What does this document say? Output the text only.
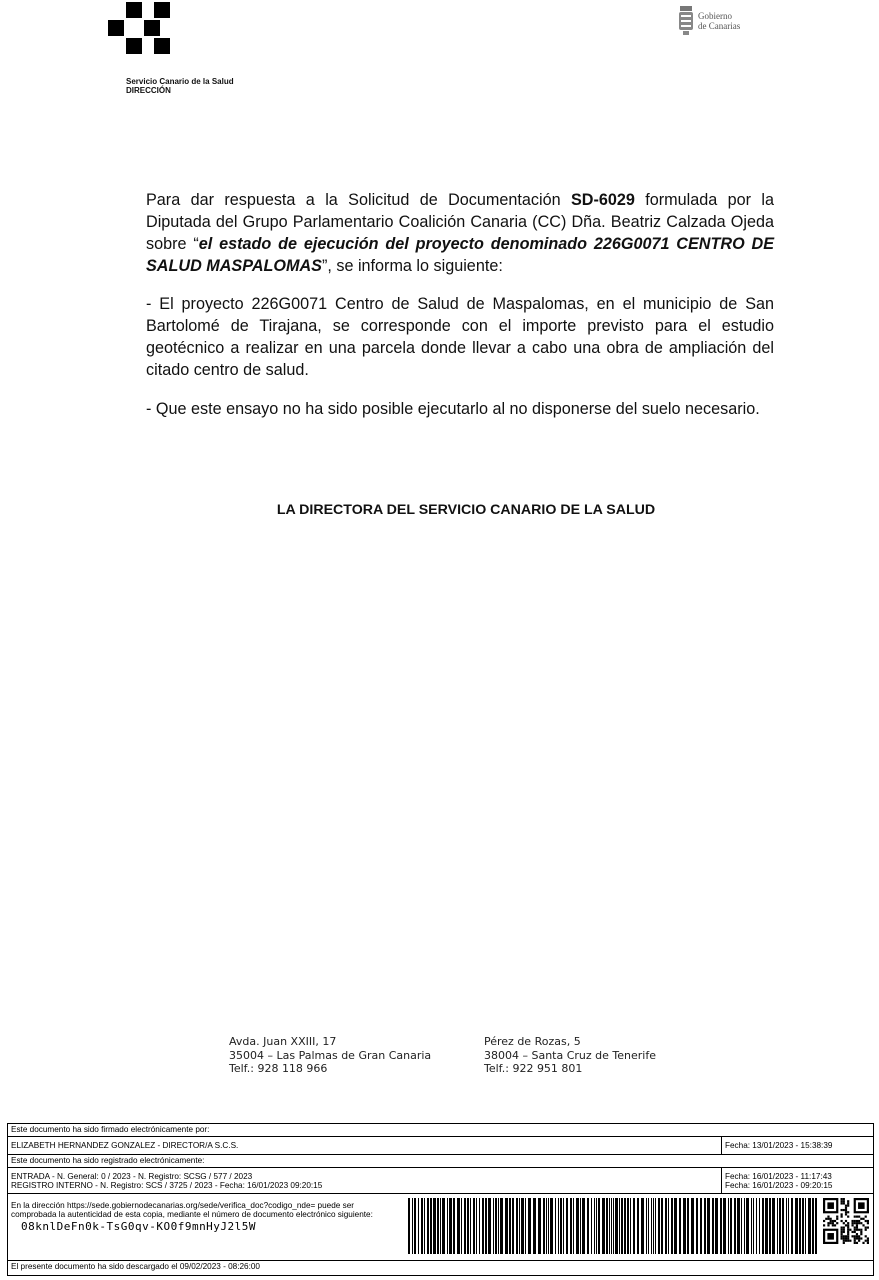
Servicio Canario de la Salud
DIRECCIÓN
Gobierno
de Canarias
Para dar respuesta a la Solicitud de Documentación SD-6029 formulada por la Diputada del Grupo Parlamentario Coalición Canaria (CC) Dña. Beatriz Calzada Ojeda sobre “el estado de ejecución del proyecto denominado 226G0071 CENTRO DE SALUD MASPALOMAS”, se informa lo siguiente:
- El proyecto 226G0071 Centro de Salud de Maspalomas, en el municipio de San Bartolomé de Tirajana, se corresponde con el importe previsto para el estudio geotécnico a realizar en una parcela donde llevar a cabo una obra de ampliación del citado centro de salud.
- Que este ensayo no ha sido posible ejecutarlo al no disponerse del suelo necesario.
LA DIRECTORA DEL SERVICIO CANARIO DE LA SALUD
Avda. Juan XXIII, 17
35004 – Las Palmas de Gran Canaria
Telf.: 928 118 966
Pérez de Rozas, 5
38004 – Santa Cruz de Tenerife
Telf.: 922 951 801
Este documento ha sido firmado electrónicamente por:
ELIZABETH HERNANDEZ GONZALEZ - DIRECTOR/A S.C.S.	Fecha: 13/01/2023 - 15:38:39
Este documento ha sido registrado electrónicamente:
ENTRADA - N. General: 0 / 2023 - N. Registro: SCSG / 577 / 2023
REGISTRO INTERNO - N. Registro: SCS / 3725 / 2023 - Fecha: 16/01/2023 09:20:15
Fecha: 16/01/2023 - 11:17:43
Fecha: 16/01/2023 - 09:20:15
En la dirección https://sede.gobiernodecanarias.org/sede/verifica_doc?codigo_nde= puede ser comprobada la autenticidad de esta copia, mediante el número de documento electrónico siguiente:
08knlDeFn0k-TsG0qv-KO0f9mnHyJ2l5W
El presente documento ha sido descargado el 09/02/2023 - 08:26:00
